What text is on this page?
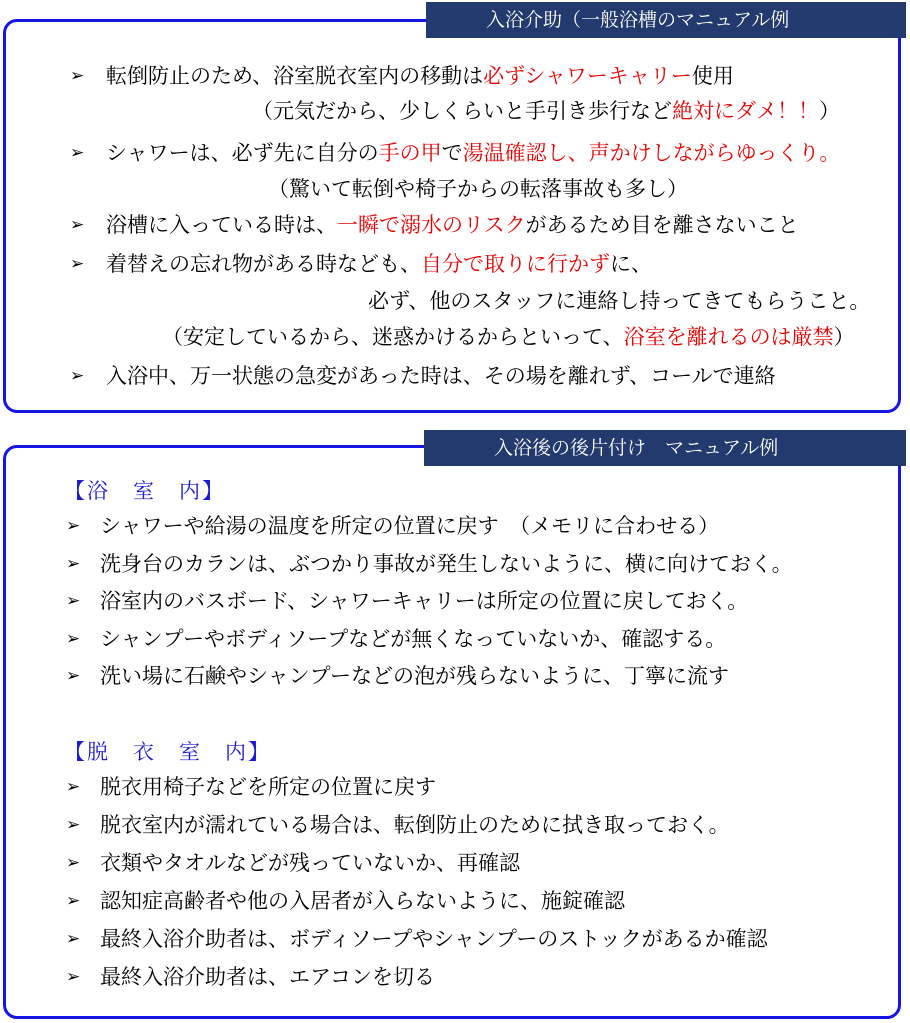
入浴介助（一般浴槽のマニュアル例
入浴後の後片付け　マニュアル例
➢ 転倒防止のため、浴室脱衣室内の移動は必ずシャワーキャリー使用
（元気だから、少しくらいと手引き歩行など絶対にダメ！！）
➢ シャワーは、必ず先に自分の手の甲で湯温確認し、声かけしながらゆっくり。
（驚いて転倒や椅子からの転落事故も多し）
➢ 浴槽に入っている時は、一瞬で溺水のリスクがあるため目を離さないこと
➢ 着替えの忘れ物がある時なども、自分で取りに行かずに、
必ず、他のスタッフに連絡し持ってきてもらうこと。
（安定しているから、迷惑かけるからといって、浴室を離れるのは厳禁）
➢ 入浴中、万一状態の急変があった時は、その場を離れず、コールで連絡
【浴　室　内】
➢ シャワーや給湯の温度を所定の位置に戻す　（メモリに合わせる）
➢ 洗身台のカランは、ぶつかり事故が発生しないように、横に向けておく。
➢ 浴室内のバスボード、シャワーキャリーは所定の位置に戻しておく。
➢ シャンプーやボディソープなどが無くなっていないか、確認する。
➢ 洗い場に石鹸やシャンプーなどの泡が残らないように、丁寧に流す
【脱　衣　室　内】
➢ 脱衣用椅子などを所定の位置に戻す
➢ 脱衣室内が濡れている場合は、転倒防止のために拭き取っておく。
➢ 衣類やタオルなどが残っていないか、再確認
➢ 認知症高齢者や他の入居者が入らないように、施錠確認
➢ 最終入浴介助者は、ボディソープやシャンプーのストックがあるか確認
➢ 最終入浴介助者は、エアコンを切る
